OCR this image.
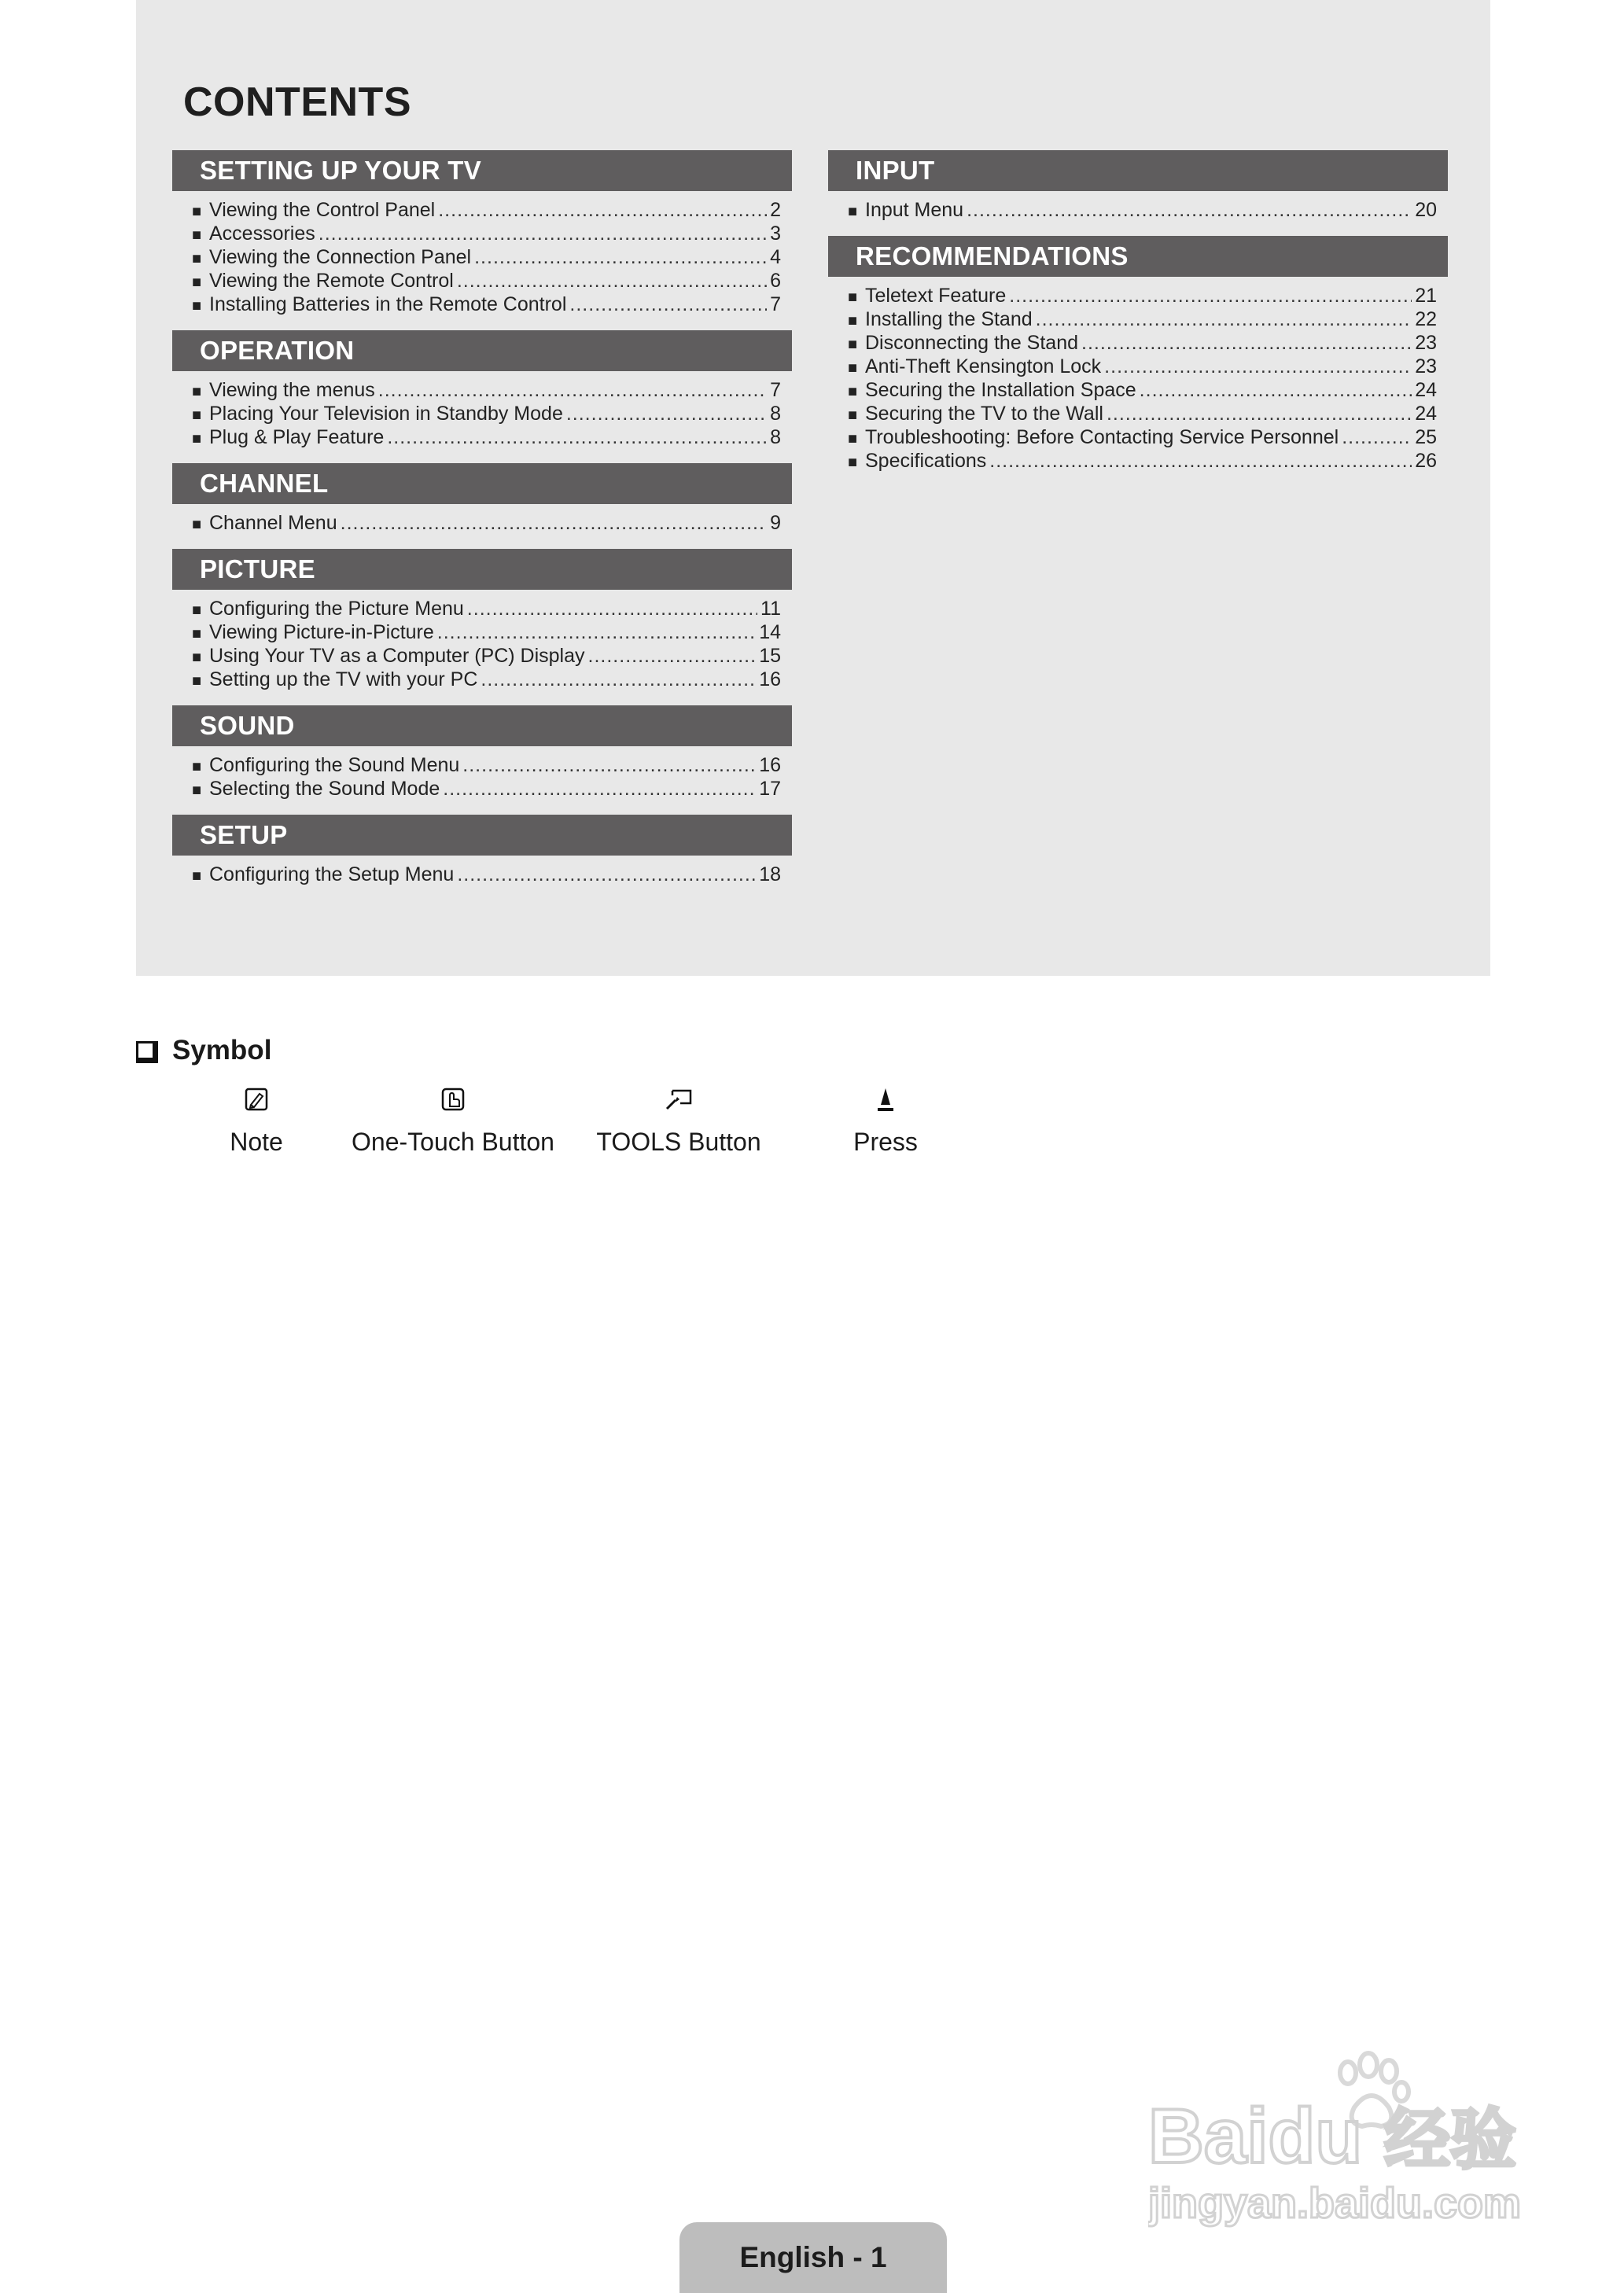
CONTENTS
SETTING UP YOUR TV
■ Viewing the Control Panel .....	2
■ Accessories .....	3
■ Viewing the Connection Panel .....	4
■ Viewing the Remote Control .....	6
■ Installing Batteries in the Remote Control .....	7
OPERATION
■ Viewing the menus .....	7
■ Placing Your Television in Standby Mode .....	8
■ Plug & Play Feature .....	8
CHANNEL
■ Channel Menu .....	9
PICTURE
■ Configuring the Picture Menu .....	11
■ Viewing Picture-in-Picture .....	14
■ Using Your TV as a Computer (PC) Display .....	15
■ Setting up the TV with your PC .....	16
SOUND
■ Configuring the Sound Menu .....	16
■ Selecting the Sound Mode .....	17
SETUP
■ Configuring the Setup Menu .....	18
INPUT
■ Input Menu .....	20
RECOMMENDATIONS
■ Teletext Feature .....	21
■ Installing the Stand .....	22
■ Disconnecting the Stand .....	23
■ Anti-Theft Kensington Lock .....	23
■ Securing the Installation Space .....	24
■ Securing the TV to the Wall .....	24
■ Troubleshooting: Before Contacting Service Personnel .....	25
■ Specifications .....	26
Symbol
Note	One-Touch Button	TOOLS Button	Press
Baidu 经验
jingyan.baidu.com
English - 1
